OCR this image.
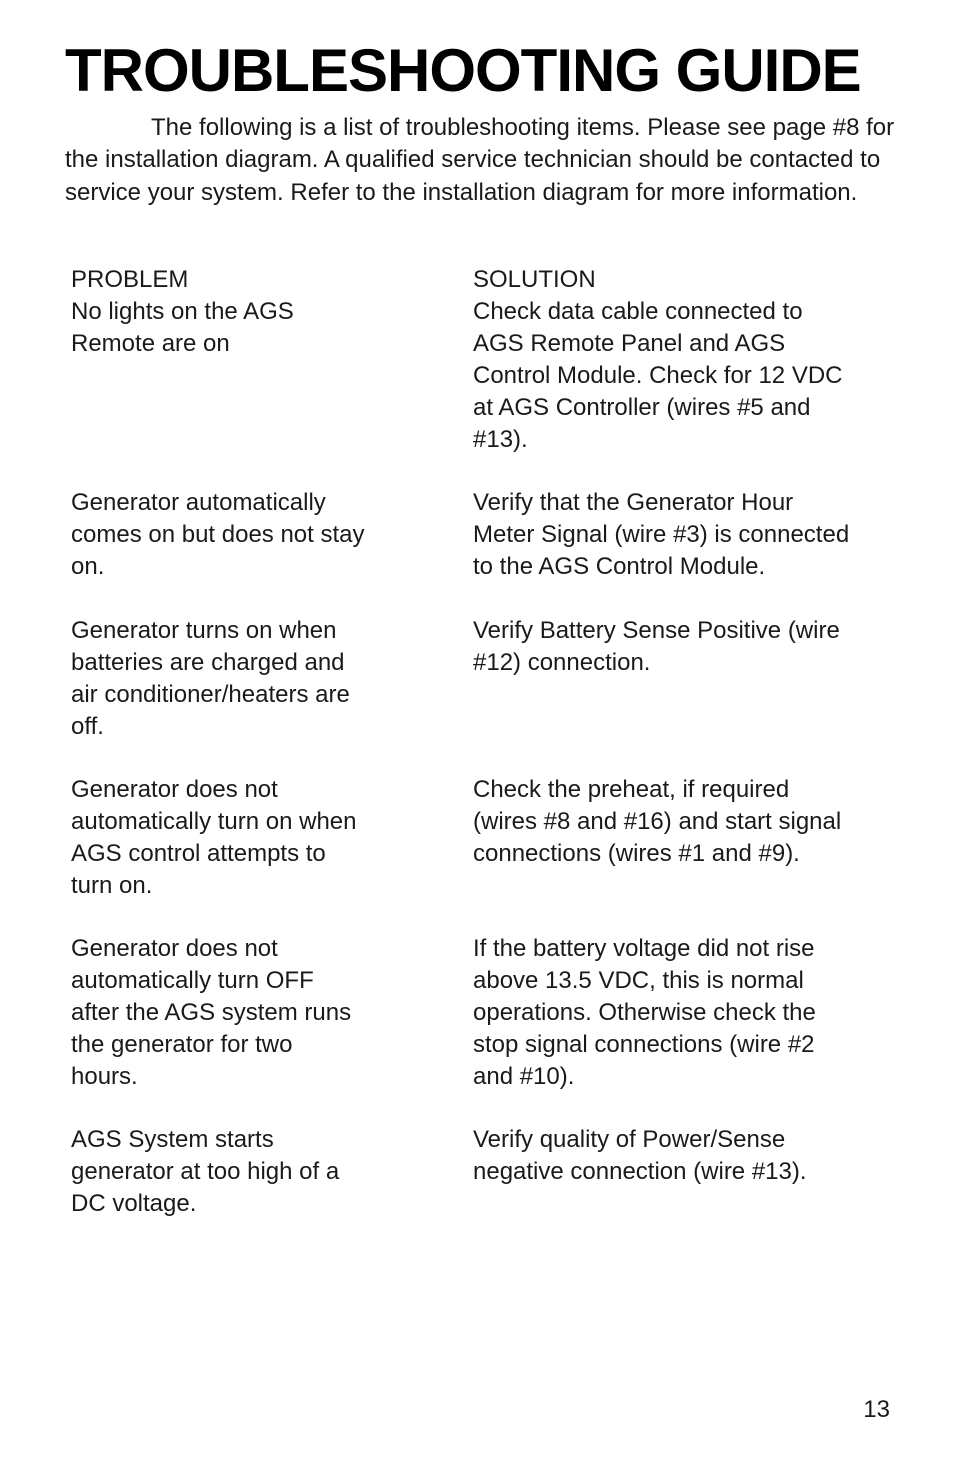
TROUBLESHOOTING GUIDE

The following is a list of troubleshooting items. Please see page #8 for the installation diagram. A qualified service technician should be contacted to service your system. Refer to the installation diagram for more information.

PROBLEM	SOLUTION
No lights on the AGS
Remote are on
Check data cable connected to
AGS Remote Panel and AGS
Control Module. Check for 12 VDC
at AGS Controller (wires #5 and
#13).
Generator automatically
comes on but does not stay
on.
Verify that the Generator Hour
Meter Signal (wire #3) is connected
to the AGS Control Module.
Generator turns on when
batteries are charged and
air conditioner/heaters are
off.
Verify Battery Sense Positive (wire
#12) connection.
Generator does not
automatically turn on when
AGS control attempts to
turn on.
Check the preheat, if required
(wires #8 and #16) and start signal
connections (wires #1 and #9).
Generator does not
automatically turn OFF
after the AGS system runs
the generator for two
hours.
If the battery voltage did not rise
above 13.5 VDC, this is normal
operations. Otherwise check the
stop signal connections (wire #2
and #10).
AGS System starts
generator at too high of a
DC voltage.
Verify quality of Power/Sense
negative connection (wire #13).
13
